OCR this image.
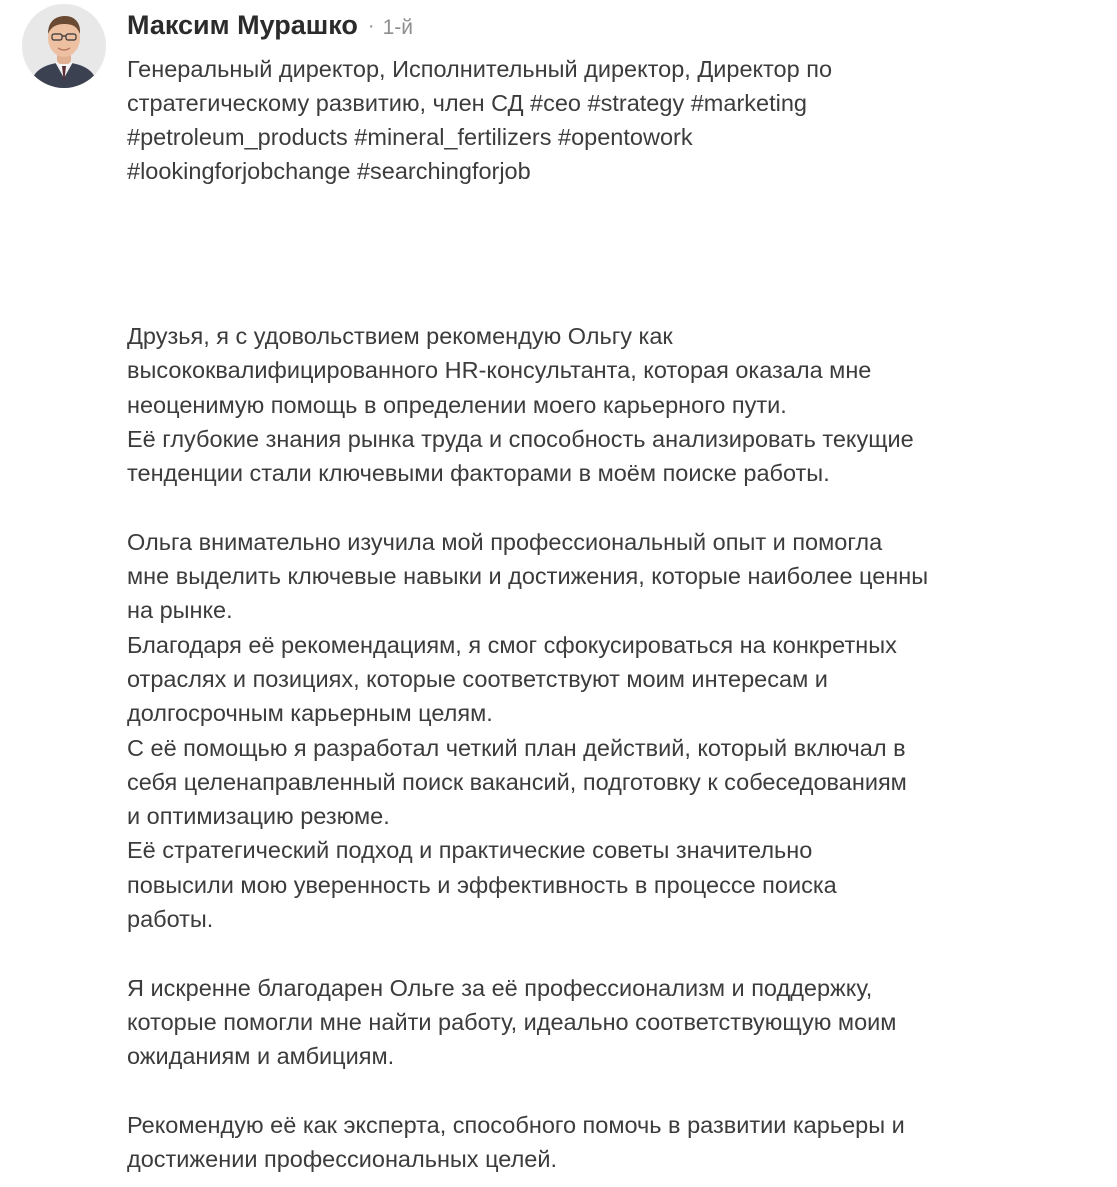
Максим Мурашко · 1-й
Генеральный директор, Исполнительный директор, Директор по
стратегическому развитию, член СД #ceo #strategy #marketing
#petroleum_products #mineral_fertilizers #opentowork
#lookingforjobchange #searchingforjob

Друзья, я с удовольствием рекомендую Ольгу как
высококвалифицированного HR-консультанта, которая оказала мне
неоценимую помощь в определении моего карьерного пути.
Её глубокие знания рынка труда и способность анализировать текущие
тенденции стали ключевыми факторами в моём поиске работы.

Ольга внимательно изучила мой профессиональный опыт и помогла
мне выделить ключевые навыки и достижения, которые наиболее ценны
на рынке.
Благодаря её рекомендациям, я смог сфокусироваться на конкретных
отраслях и позициях, которые соответствуют моим интересам и
долгосрочным карьерным целям.
С её помощью я разработал четкий план действий, который включал в
себя целенаправленный поиск вакансий, подготовку к собеседованиям
и оптимизацию резюме.
Её стратегический подход и практические советы значительно
повысили мою уверенность и эффективность в процессе поиска
работы.

Я искренне благодарен Ольге за её профессионализм и поддержку,
которые помогли мне найти работу, идеально соответствующую моим
ожиданиям и амбициям.

Рекомендую её как эксперта, способного помочь в развитии карьеры и
достижении профессиональных целей.
